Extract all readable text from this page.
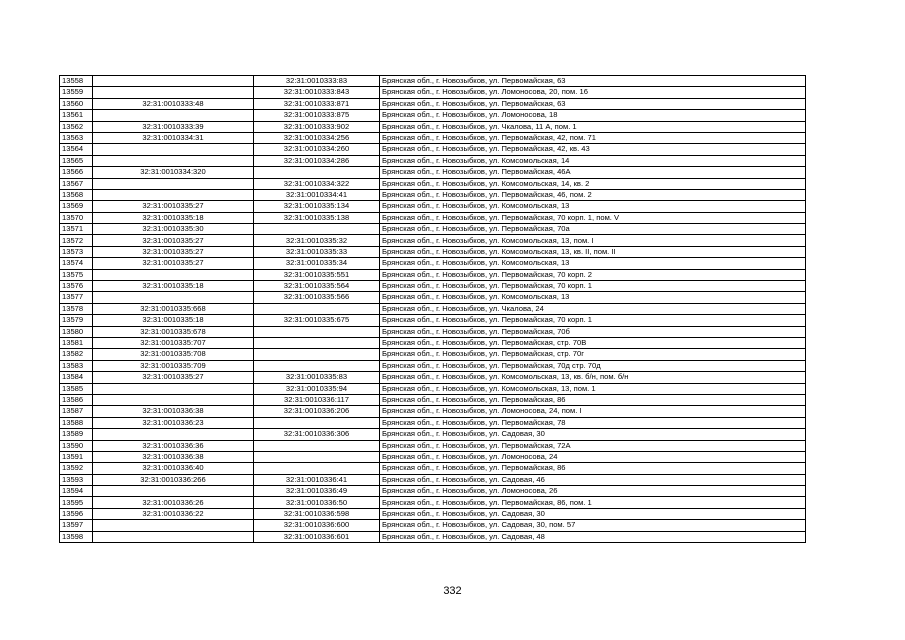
13558		32:31:0010333:83	Брянская обл., г. Новозыбков, ул. Первомайская, 63
13559		32:31:0010333:843	Брянская обл., г. Новозыбков, ул. Ломоносова, 20, пом. 16
13560	32:31:0010333:48	32:31:0010333:871	Брянская обл., г. Новозыбков, ул. Первомайская, 63
13561		32:31:0010333:875	Брянская обл., г. Новозыбков, ул. Ломоносова, 18
13562	32:31:0010333:39	32:31:0010333:902	Брянская обл., г. Новозыбков, ул. Чкалова, 11 А, пом. 1
13563	32:31:0010334:31	32:31:0010334:256	Брянская обл., г. Новозыбков, ул. Первомайская, 42, пом. 71
13564		32:31:0010334:260	Брянская обл., г. Новозыбков, ул. Первомайская, 42, кв. 43
13565		32:31:0010334:286	Брянская обл., г. Новозыбков, ул. Комсомольская, 14
13566	32:31:0010334:320		Брянская обл., г. Новозыбков, ул. Первомайская, 46А
13567		32:31:0010334:322	Брянская обл., г. Новозыбков, ул. Комсомольская, 14, кв. 2
13568		32:31:0010334:41	Брянская обл., г. Новозыбков, ул. Первомайская, 46, пом. 2
13569	32:31:0010335:27	32:31:0010335:134	Брянская обл., г. Новозыбков, ул. Комсомольская, 13
13570	32:31:0010335:18	32:31:0010335:138	Брянская обл., г. Новозыбков, ул. Первомайская, 70 корп. 1, пом. V
13571	32:31:0010335:30		Брянская обл., г. Новозыбков, ул. Первомайская, 70а
13572	32:31:0010335:27	32:31:0010335:32	Брянская обл., г. Новозыбков, ул. Комсомольская, 13, пом. I
13573	32:31:0010335:27	32:31:0010335:33	Брянская обл., г. Новозыбков, ул. Комсомольская, 13, кв. II, пом. II
13574	32:31:0010335:27	32:31:0010335:34	Брянская обл., г. Новозыбков, ул. Комсомольская, 13
13575		32:31:0010335:551	Брянская обл., г. Новозыбков, ул. Первомайская, 70 корп. 2
13576	32:31:0010335:18	32:31:0010335:564	Брянская обл., г. Новозыбков, ул. Первомайская, 70 корп. 1
13577		32:31:0010335:566	Брянская обл., г. Новозыбков, ул. Комсомольская, 13
13578	32:31:0010335:668		Брянская обл., г. Новозыбков, ул. Чкалова, 24
13579	32:31:0010335:18	32:31:0010335:675	Брянская обл., г. Новозыбков, ул. Первомайская, 70 корп. 1
13580	32:31:0010335:678		Брянская обл., г. Новозыбков, ул. Первомайская, 70б
13581	32:31:0010335:707		Брянская обл., г. Новозыбков, ул. Первомайская, стр. 70В
13582	32:31:0010335:708		Брянская обл., г. Новозыбков, ул. Первомайская, стр. 70г
13583	32:31:0010335:709		Брянская обл., г. Новозыбков, ул. Первомайская, 70д стр. 70д
13584	32:31:0010335:27	32:31:0010335:83	Брянская обл., г. Новозыбков, ул. Комсомольская, 13, кв. б/н, пом. б/н
13585		32:31:0010335:94	Брянская обл., г. Новозыбков, ул. Комсомольская, 13, пом. 1
13586		32:31:0010336:117	Брянская обл., г. Новозыбков, ул. Первомайская, 86
13587	32:31:0010336:38	32:31:0010336:206	Брянская обл., г. Новозыбков, ул. Ломоносова, 24, пом. I
13588	32:31:0010336:23		Брянская обл., г. Новозыбков, ул. Первомайская, 78
13589		32:31:0010336:306	Брянская обл., г. Новозыбков, ул. Садовая, 30
13590	32:31:0010336:36		Брянская обл., г. Новозыбков, ул. Первомайская, 72А
13591	32:31:0010336:38		Брянская обл., г. Новозыбков, ул. Ломоносова, 24
13592	32:31:0010336:40		Брянская обл., г. Новозыбков, ул. Первомайская, 86
13593	32:31:0010336:266	32:31:0010336:41	Брянская обл., г. Новозыбков, ул. Садовая, 46
13594		32:31:0010336:49	Брянская обл., г. Новозыбков, ул. Ломоносова, 26
13595	32:31:0010336:26	32:31:0010336:50	Брянская обл., г. Новозыбков, ул. Первомайская, 86, пом. 1
13596	32:31:0010336:22	32:31:0010336:598	Брянская обл., г. Новозыбков, ул. Садовая, 30
13597		32:31:0010336:600	Брянская обл., г. Новозыбков, ул. Садовая, 30, пом. 57
13598		32:31:0010336:601	Брянская обл., г. Новозыбков, ул. Садовая, 48
332
